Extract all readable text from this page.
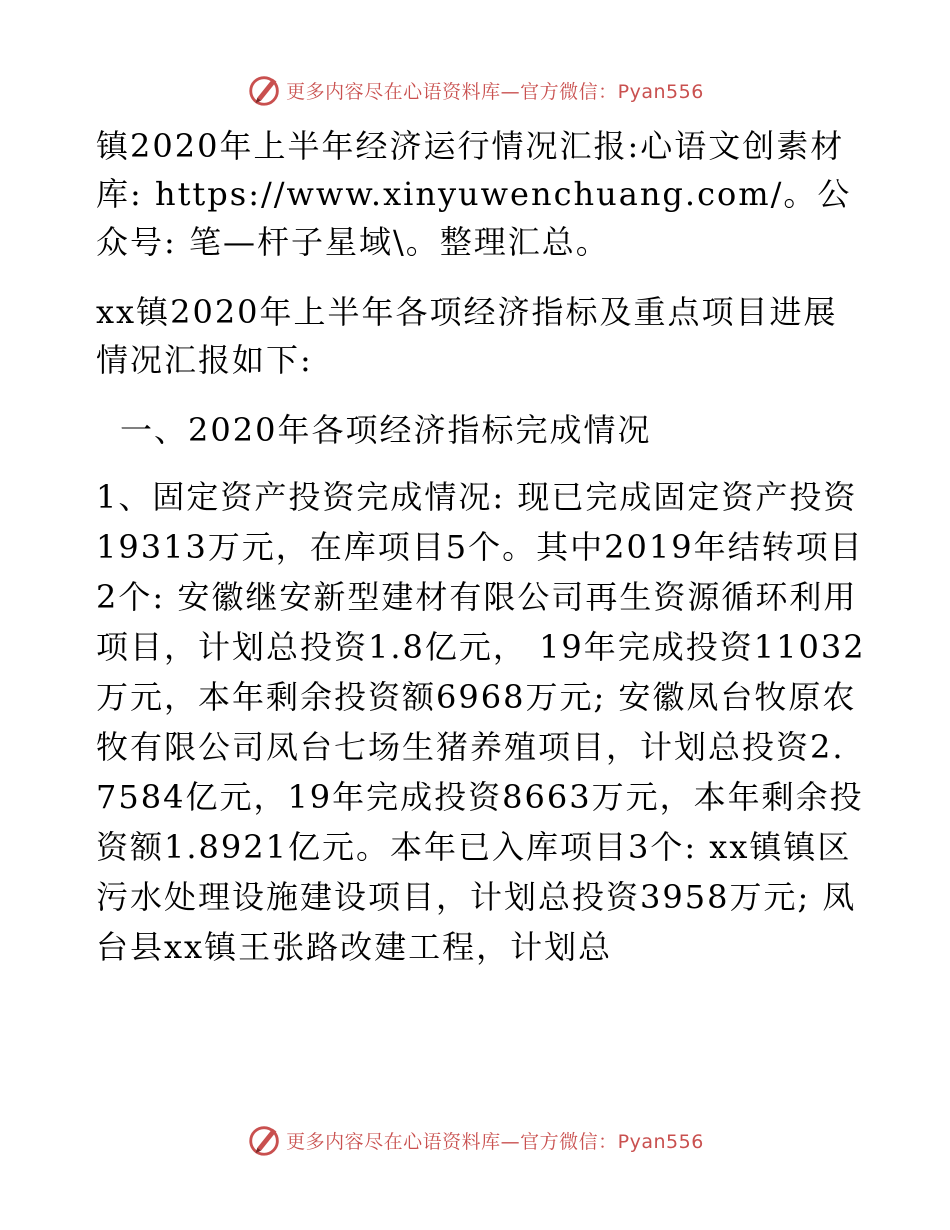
更多内容尽在心语资料库—官方微信：Pyan556

镇2020年上半年经济运行情况汇报:心语文创素材库: https://www.xinyuwenchuang.com/。公众号: 笔—杆子星域\。整理汇总。

xx镇2020年上半年各项经济指标及重点项目进展情况汇报如下:

一、2020年各项经济指标完成情况

1、固定资产投资完成情况: 现已完成固定资产投资19313万元，在库项目5个。其中2019年结转项目2个: 安徽继安新型建材有限公司再生资源循环利用项目，计划总投资1.8亿元， 19年完成投资11032万元，本年剩余投资额6968万元; 安徽凤台牧原农牧有限公司凤台七场生猪养殖项目，计划总投资2.7584亿元，19年完成投资8663万元，本年剩余投资额1.8921亿元。本年已入库项目3个: xx镇镇区污水处理设施建设项目，计划总投资3958万元; 凤台县xx镇王张路改建工程，计划总

更多内容尽在心语资料库—官方微信：Pyan556
